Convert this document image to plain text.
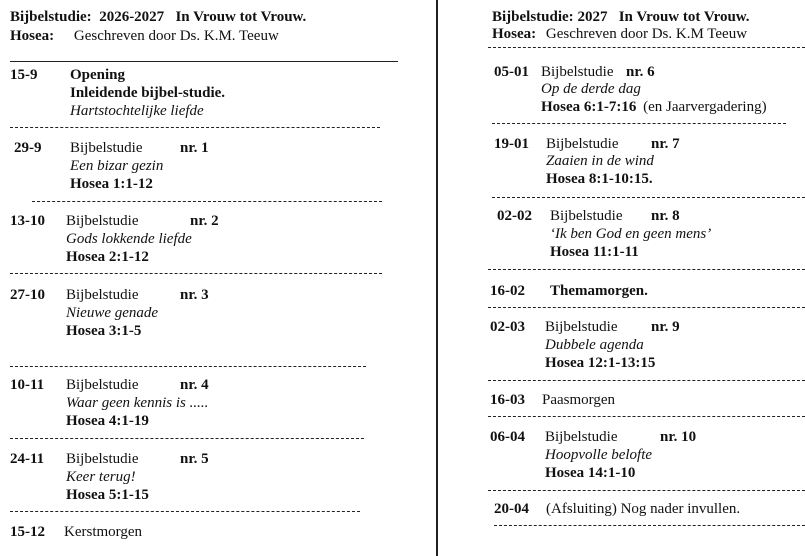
Bijbelstudie: 2026-2027 In Vrouw tot Vrouw.
Hosea: Geschreven door Ds. K.M. Teeuw
15-9 Opening
Inleidende bijbel-studie.
Hartstochtelijke liefde
29-9 Bijbelstudie	nr. 1
Een bizar gezin
Hosea 1:1-12
13-10 Bijbelstudie	nr. 2
Gods lokkende liefde
Hosea 2:1-12
27-10 Bijbelstudie	nr. 3
Nieuwe genade
Hosea 3:1-5
10-11 Bijbelstudie	nr. 4
Waar geen kennis is .....
Hosea 4:1-19
24-11 Bijbelstudie	nr. 5
Keer terug!
Hosea 5:1-15
15-12 Kerstmorgen
Bijbelstudie: 2027 In Vrouw tot Vrouw.
Hosea: Geschreven door Ds. K.M Teeuw
05-01 Bijbelstudie nr. 6
Op de derde dag
Hosea 6:1-7:16 (en Jaarvergadering)
19-01 Bijbelstudie nr. 7
Zaaien in de wind
Hosea 8:1-10:15.
02-02 Bijbelstudie nr. 8
‘Ik ben God en geen mens’
Hosea 11:1-11
16-02 Themamorgen.
02-03 Bijbelstudie nr. 9
Dubbele agenda
Hosea 12:1-13:15
16-03 Paasmorgen
06-04 Bijbelstudie	nr. 10
Hoopvolle belofte
Hosea 14:1-10
20-04 (Afsluiting) Nog nader invullen.
